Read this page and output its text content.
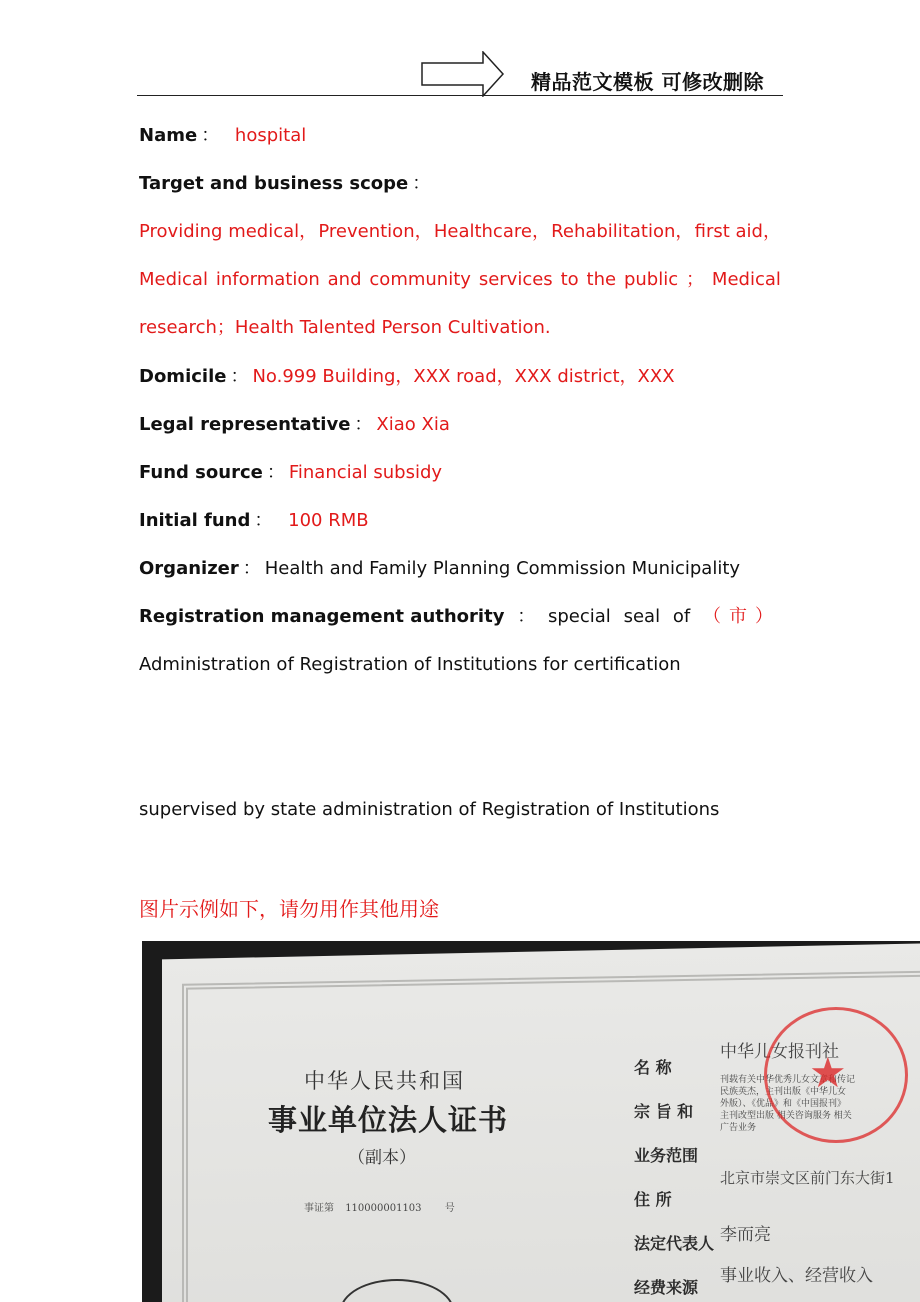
精品范文模板 可修改删除
Name ： hospital
Target and business scope ：
Providing medical， Prevention， Healthcare， Rehabilitation， first aid，
Medical information and community services to the public ； Medical
research；Health Talented Person Cultivation.
Domicile ： No.999 Building，XXX road，XXX district，XXX
Legal representative ： Xiao Xia
Fund source ： Financial subsidy
Initial fund ： 100 RMB
Organizer ： Health and Family Planning Commission Municipality
Registration management authority ： special seal of （市）
Administration of Registration of Institutions for certification
supervised by state administration of Registration of Institutions
图片示例如下，请勿用作其他用途
中华人民共和国
事业单位法人证书
（副本）
事证第 110000001103 号
名 称
宗 旨 和
业务范围
住 所
法定代表人
经费来源
中华儿女报刊社
刊载有关中华优秀儿女文章和传记
民族英杰，主刊出版《中华儿女
外版）、《优品》和《中国报刊》
主刊改型出版 相关咨询服务 相关
广告业务
北京市崇文区前门东大街1
李而亮
事业收入、经营收入
★
